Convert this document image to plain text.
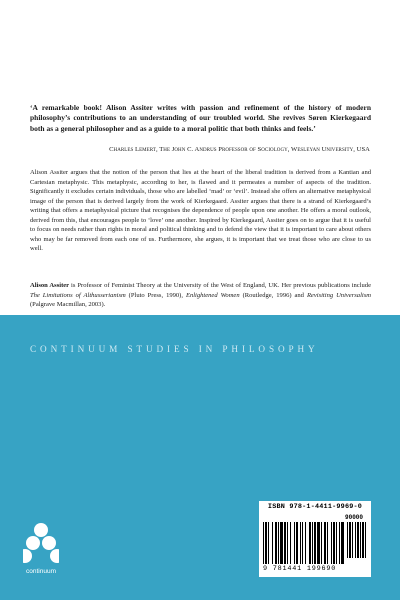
‘A remarkable book! Alison Assiter writes with passion and refinement of the history of modern philosophy’s contributions to an understanding of our troubled world. She revives Søren Kierkegaard both as a general philosopher and as a guide to a moral politic that both thinks and feels.’

Charles Lemert, The John C. Andrus Professor of Sociology, Wesleyan University, USA

Alison Assiter argues that the notion of the person that lies at the heart of the liberal tradition is derived from a Kantian and Cartesian metaphysic. This metaphysic, according to her, is flawed and it permeates a number of aspects of the tradition. Significantly it excludes certain individuals, those who are labelled ‘mad’ or ‘evil’. Instead she offers an alternative metaphysical image of the person that is derived largely from the work of Kierkegaard. Assiter argues that there is a strand of Kierkegaard’s writing that offers a metaphysical picture that recognises the dependence of people upon one another. He offers a moral outlook, derived from this, that encourages people to ‘love’ one another. Inspired by Kierkegaard, Assiter goes on to argue that it is useful to focus on needs rather than rights in moral and political thinking and to defend the view that it is important to care about others who may be far removed from each one of us. Furthermore, she argues, it is important that we treat those who are close to us well.

Alison Assiter is Professor of Feminist Theory at the University of the West of England, UK. Her previous publications include The Limitations of Althusserianism (Pluto Press, 1990), Enlightened Women (Routledge, 1996) and Revisiting Universalism (Palgrave Macmillan, 2003).

CONTINUUM STUDIES IN PHILOSOPHY

continuum

ISBN 978-1-4411-9969-0

90000

9 781441 199690
